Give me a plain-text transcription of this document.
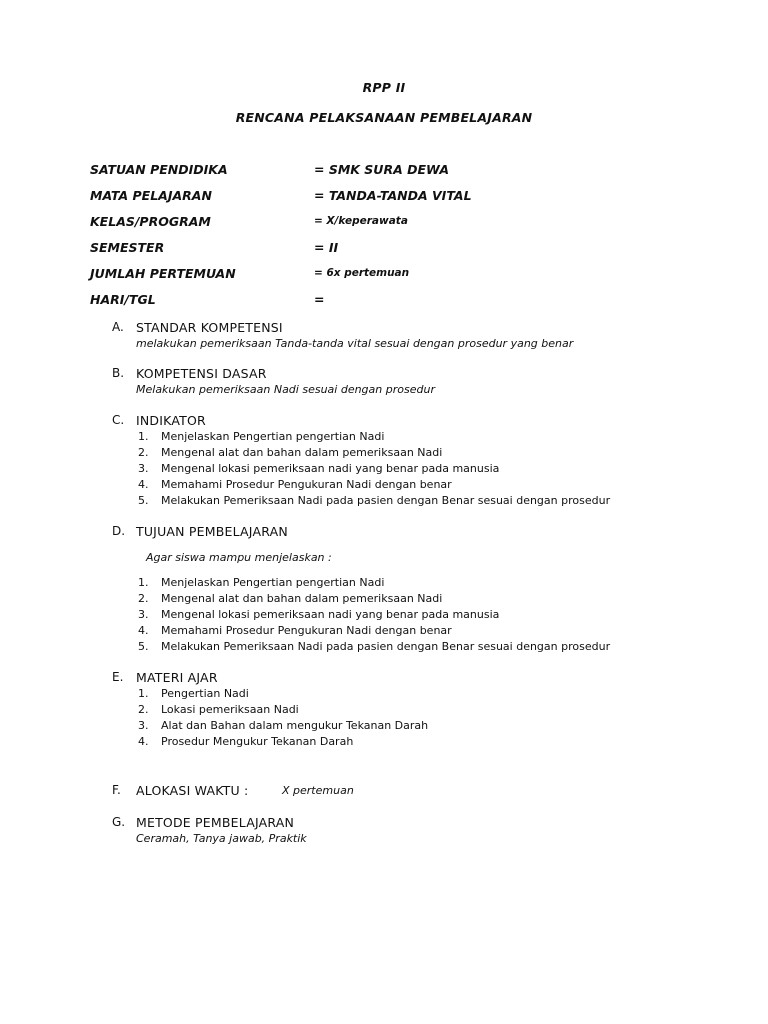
RPP II
RENCANA PELAKSANAAN PEMBELAJARAN
SATUAN PENDIDIKA	= SMK SURA DEWA
MATA PELAJARAN	= TANDA-TANDA VITAL
KELAS/PROGRAM	= X/keperawata
SEMESTER	= II
JUMLAH PERTEMUAN	= 6x pertemuan
HARI/TGL	=
A. STANDAR KOMPETENSI
melakukan pemeriksaan Tanda-tanda vital sesuai dengan prosedur yang benar
B. KOMPETENSI DASAR
Melakukan pemeriksaan Nadi sesuai dengan prosedur
C. INDIKATOR
1. Menjelaskan Pengertian pengertian Nadi
2. Mengenal alat dan bahan dalam pemeriksaan Nadi
3. Mengenal lokasi pemeriksaan nadi yang benar pada manusia
4. Memahami Prosedur Pengukuran Nadi dengan benar
5. Melakukan Pemeriksaan Nadi pada pasien dengan Benar sesuai dengan prosedur
D. TUJUAN PEMBELAJARAN
Agar siswa mampu menjelaskan :
1. Menjelaskan Pengertian pengertian Nadi
2. Mengenal alat dan bahan dalam pemeriksaan Nadi
3. Mengenal lokasi pemeriksaan nadi yang benar pada manusia
4. Memahami Prosedur Pengukuran Nadi dengan benar
5. Melakukan Pemeriksaan Nadi pada pasien dengan Benar sesuai dengan prosedur
E. MATERI AJAR
1. Pengertian Nadi
2. Lokasi pemeriksaan Nadi
3. Alat dan Bahan dalam mengukur Tekanan Darah
4. Prosedur Mengukur Tekanan Darah
F. ALOKASI WAKTU :	X pertemuan
G. METODE PEMBELAJARAN
Ceramah, Tanya jawab, Praktik
